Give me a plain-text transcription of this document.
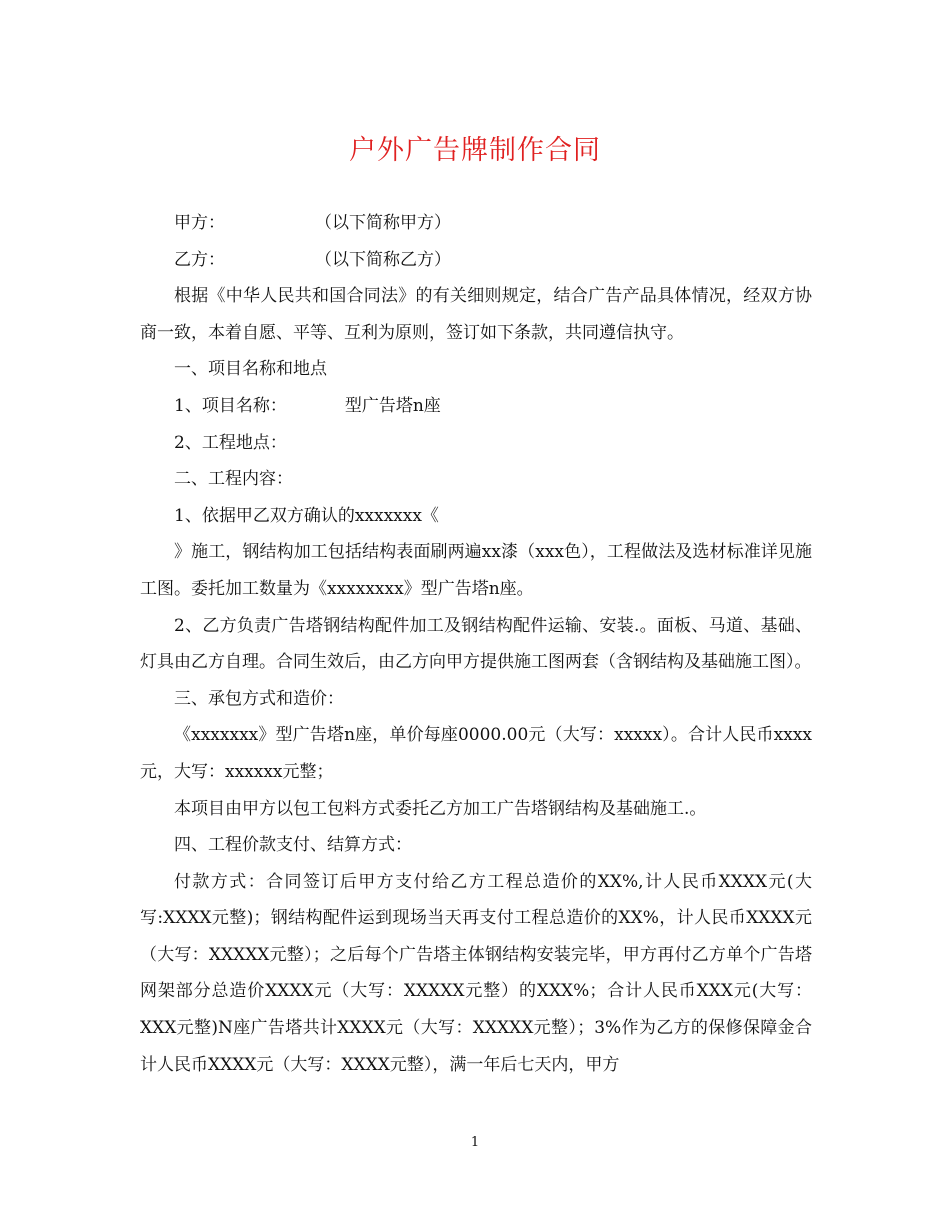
户外广告牌制作合同

甲方：	（以下简称甲方）

乙方：	（以下简称乙方）

根据《中华人民共和国合同法》的有关细则规定，结合广告产品具体情况，经双方协商一致，本着自愿、平等、互利为原则，签订如下条款，共同遵信执守。

一、项目名称和地点

1、项目名称：	型广告塔n座

2、工程地点：

二、工程内容：

1、依据甲乙双方确认的xxxxxxx《

》施工，钢结构加工包括结构表面刷两遍xx漆（xxx色），工程做法及选材标准详见施工图。委托加工数量为《xxxxxxxx》型广告塔n座。

2、乙方负责广告塔钢结构配件加工及钢结构配件运输、安装.。面板、马道、基础、灯具由乙方自理。合同生效后，由乙方向甲方提供施工图两套（含钢结构及基础施工图）。

三、承包方式和造价：

《xxxxxxx》型广告塔n座，单价每座0000.00元（大写：xxxxx）。合计人民币xxxx元，大写：xxxxxx元整；

本项目由甲方以包工包料方式委托乙方加工广告塔钢结构及基础施工.。

四、工程价款支付、结算方式：

付款方式：合同签订后甲方支付给乙方工程总造价的XX%,计人民币XXXX元(大写:XXXX元整)；钢结构配件运到现场当天再支付工程总造价的XX%，计人民币XXXX元（大写：XXXXX元整）；之后每个广告塔主体钢结构安装完毕，甲方再付乙方单个广告塔网架部分总造价XXXX元（大写：XXXXX元整）的XXX%；合计人民币XXX元(大写：XXX元整)N座广告塔共计XXXX元（大写：XXXXX元整）；3%作为乙方的保修保障金合计人民币XXXX元（大写：XXXX元整），满一年后七天内，甲方

1
